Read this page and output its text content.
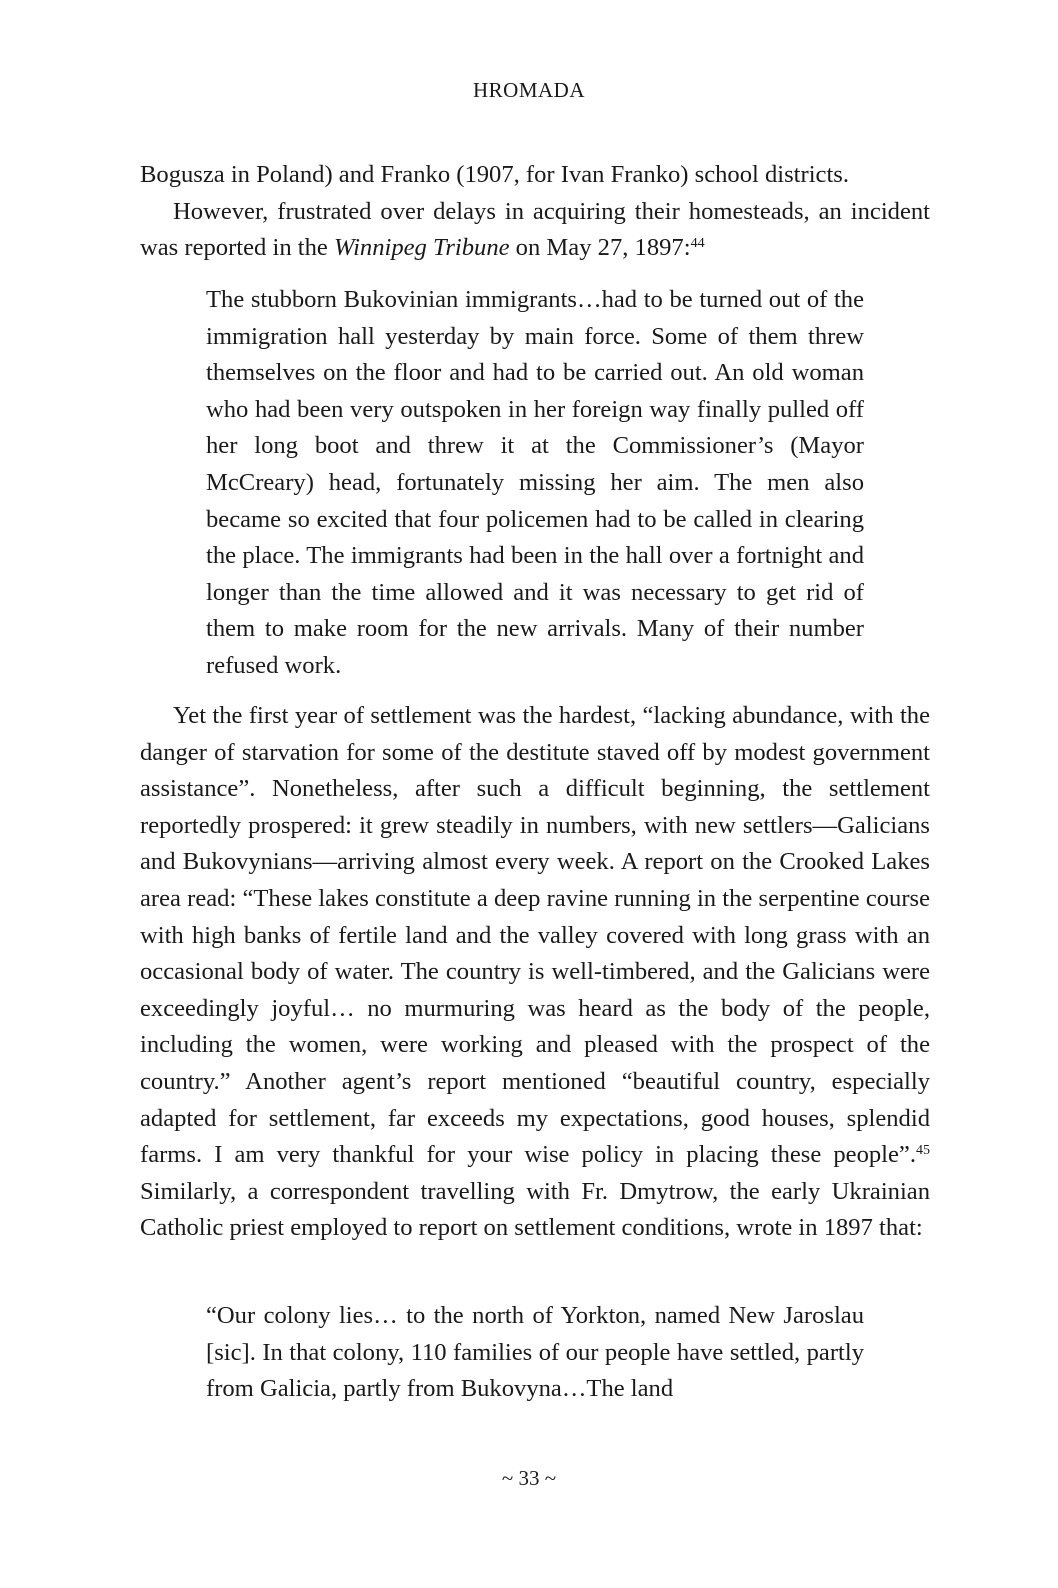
HROMADA

Bogusza in Poland) and Franko (1907, for Ivan Franko) school districts.

However, frustrated over delays in acquiring their homesteads, an incident was reported in the Winnipeg Tribune on May 27, 1897:$^{44}$

The stubborn Bukovinian immigrants…had to be turned out of the immigration hall yesterday by main force. Some of them threw themselves on the floor and had to be carried out. An old woman who had been very outspoken in her foreign way finally pulled off her long boot and threw it at the Commissioner’s (Mayor McCreary) head, fortunately missing her aim. The men also became so excited that four policemen had to be called in clearing the place. The immigrants had been in the hall over a fortnight and longer than the time allowed and it was necessary to get rid of them to make room for the new arrivals. Many of their number refused work.

Yet the first year of settlement was the hardest, “lacking abundance, with the danger of starvation for some of the destitute staved off by modest government assistance”. Nonetheless, after such a difficult beginning, the settlement reportedly prospered: it grew steadily in numbers, with new settlers—Galicians and Bukovynians—arriving almost every week. A report on the Crooked Lakes area read: “These lakes constitute a deep ravine running in the serpentine course with high banks of fertile land and the valley covered with long grass with an occasional body of water. The country is well-timbered, and the Galicians were exceedingly joyful… no murmuring was heard as the body of the people, including the women, were working and pleased with the prospect of the country.” Another agent’s report mentioned “beautiful country, especially adapted for settlement, far exceeds my expectations, good houses, splendid farms. I am very thankful for your wise policy in placing these people”.$^{45}$ Similarly, a correspondent travelling with Fr. Dmytrow, the early Ukrainian Catholic priest employed to report on settlement conditions, wrote in 1897 that:

“Our colony lies… to the north of Yorkton, named New Jaroslau [sic]. In that colony, 110 families of our people have settled, partly from Galicia, partly from Bukovyna…The land

~ 33 ~
